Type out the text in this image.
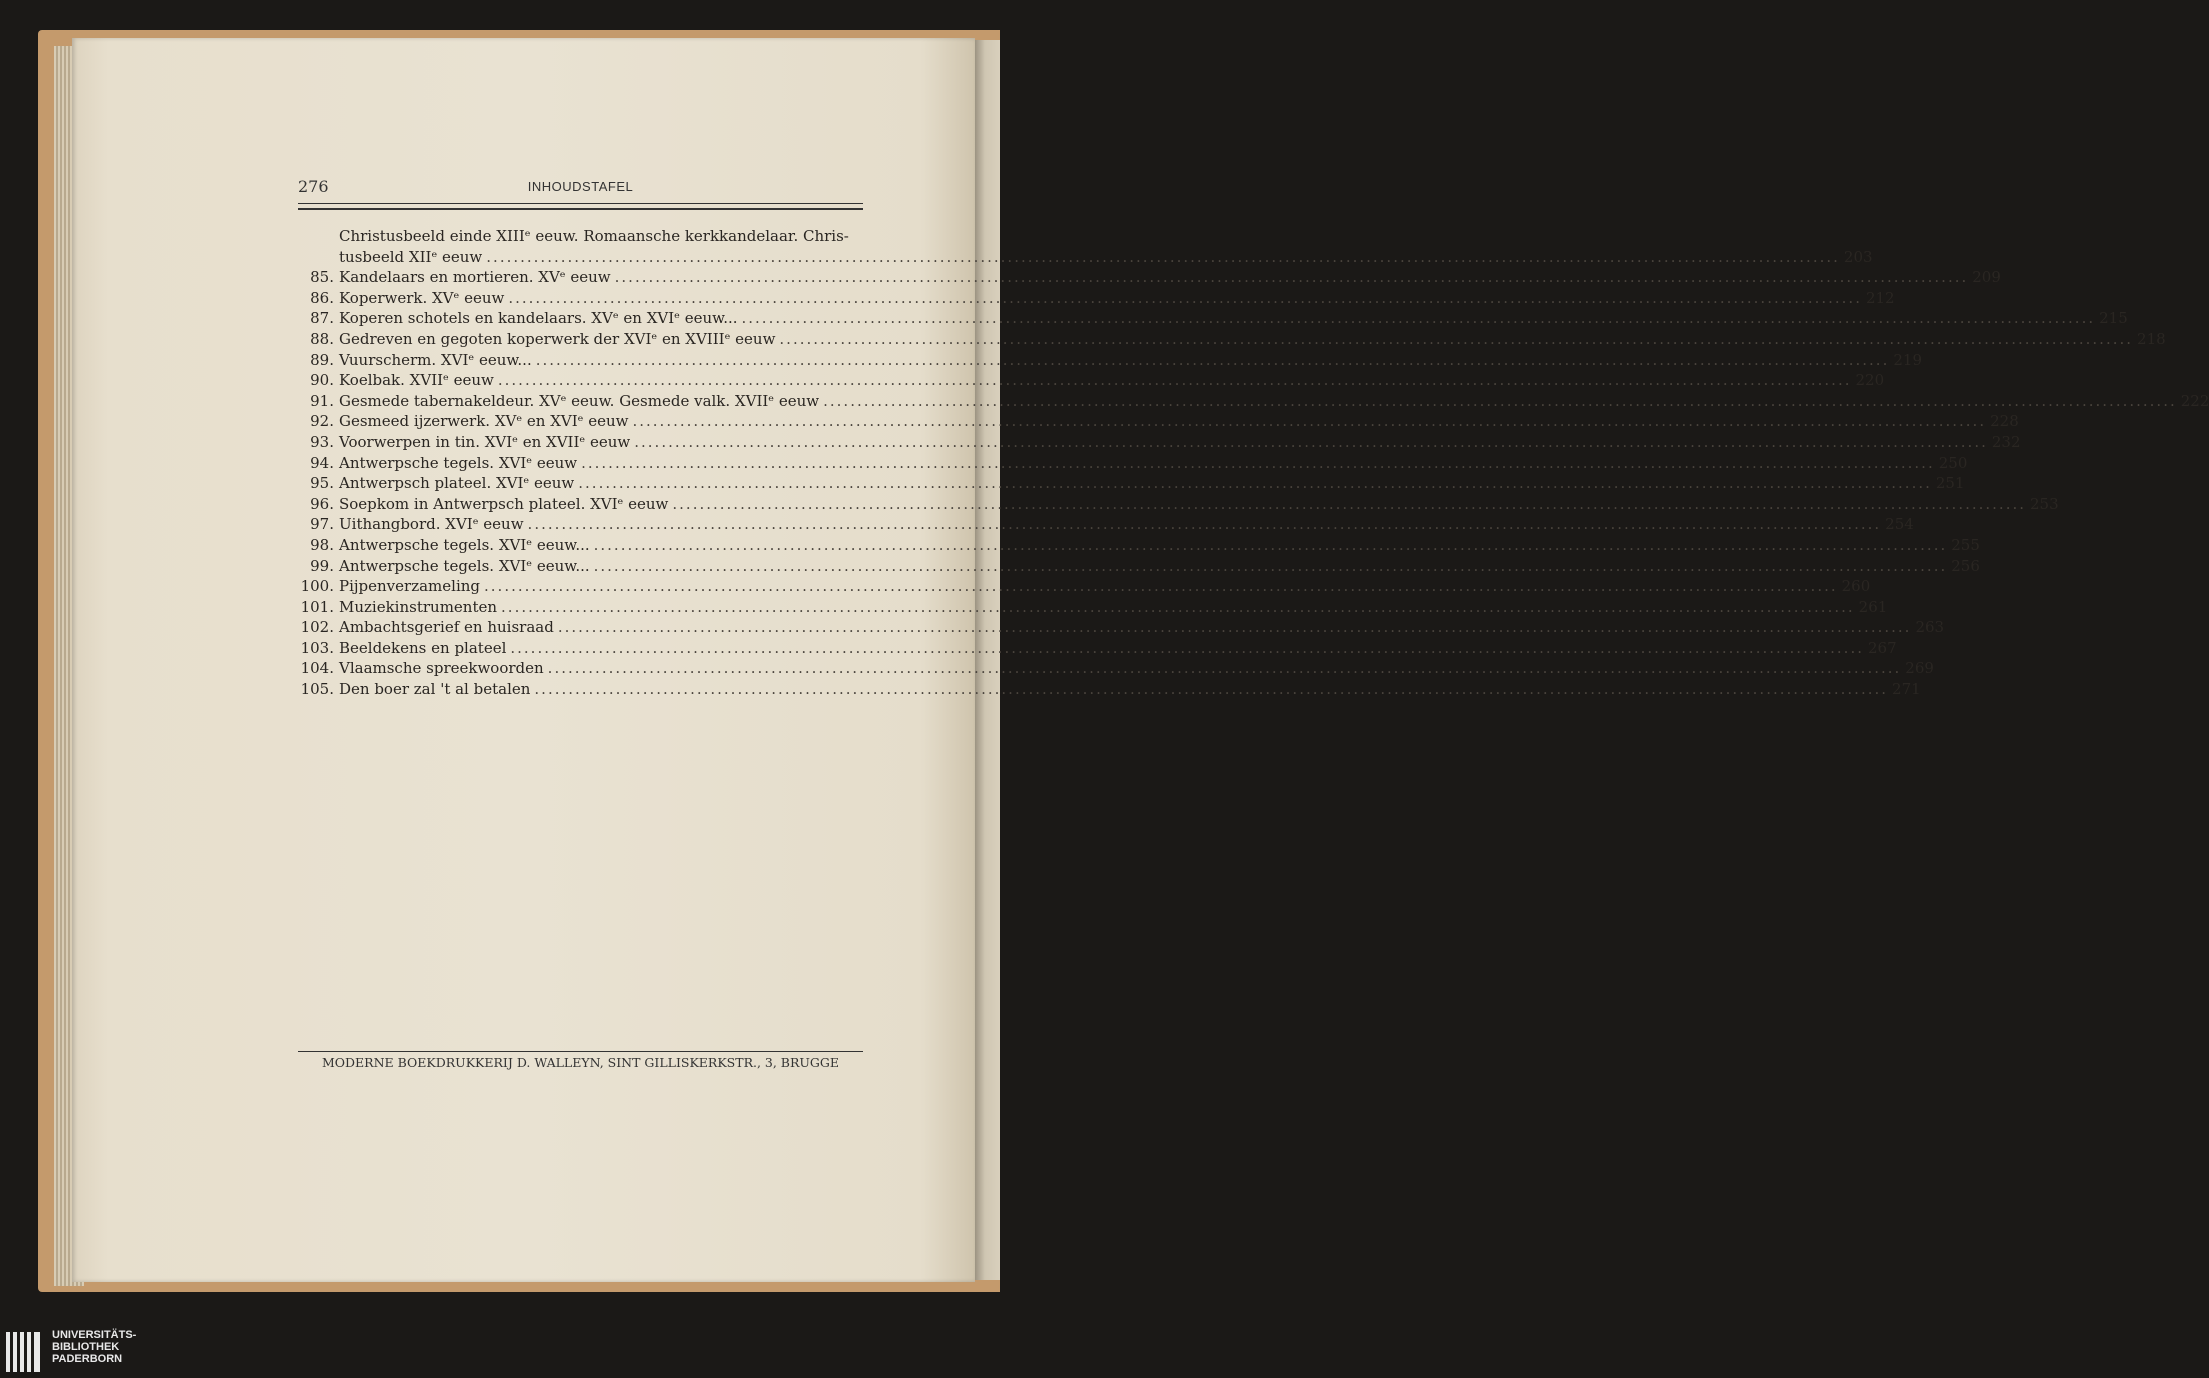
276	INHOUDSTAFEL
Christusbeeld einde XIIIᵉ eeuw. Romaansche kerkkandelaar. Chris-
tusbeeld XIIᵉ eeuw ........................................................................................................................................................................................................ 203
85. Kandelaars en mortieren. XVᵉ eeuw ........................................................................................................................................................................................................ 209
86. Koperwerk. XVᵉ eeuw ........................................................................................................................................................................................................ 212
87. Koperen schotels en kandelaars. XVᵉ en XVIᵉ eeuw... ........................................................................................................................................................................................................ 215
88. Gedreven en gegoten koperwerk der XVIᵉ en XVIIIᵉ eeuw ........................................................................................................................................................................................................ 218
89. Vuurscherm. XVIᵉ eeuw... ........................................................................................................................................................................................................ 219
90. Koelbak. XVIIᵉ eeuw ........................................................................................................................................................................................................ 220
91. Gesmede tabernakeldeur. XVᵉ eeuw. Gesmede valk. XVIIᵉ eeuw ........................................................................................................................................................................................................ 222
92. Gesmeed ijzerwerk. XVᵉ en XVIᵉ eeuw ........................................................................................................................................................................................................ 228
93. Voorwerpen in tin. XVIᵉ en XVIIᵉ eeuw ........................................................................................................................................................................................................ 232
94. Antwerpsche tegels. XVIᵉ eeuw ........................................................................................................................................................................................................ 250
95. Antwerpsch plateel. XVIᵉ eeuw ........................................................................................................................................................................................................ 251
96. Soepkom in Antwerpsch plateel. XVIᵉ eeuw ........................................................................................................................................................................................................ 253
97. Uithangbord. XVIᵉ eeuw ........................................................................................................................................................................................................ 254
98. Antwerpsche tegels. XVIᵉ eeuw... ........................................................................................................................................................................................................ 255
99. Antwerpsche tegels. XVIᵉ eeuw... ........................................................................................................................................................................................................ 256
100. Pijpenverzameling ........................................................................................................................................................................................................ 260
101. Muziekinstrumenten ........................................................................................................................................................................................................ 261
102. Ambachtsgerief en huisraad ........................................................................................................................................................................................................ 263
103. Beeldekens en plateel ........................................................................................................................................................................................................ 267
104. Vlaamsche spreekwoorden ........................................................................................................................................................................................................ 269
105. Den boer zal 't al betalen ........................................................................................................................................................................................................ 271
MODERNE BOEKDRUKKERIJ D. WALLEYN, SINT GILLISKERKSTR., 3, BRUGGE
UNIVERSITÄTS-
BIBLIOTHEK
PADERBORN
